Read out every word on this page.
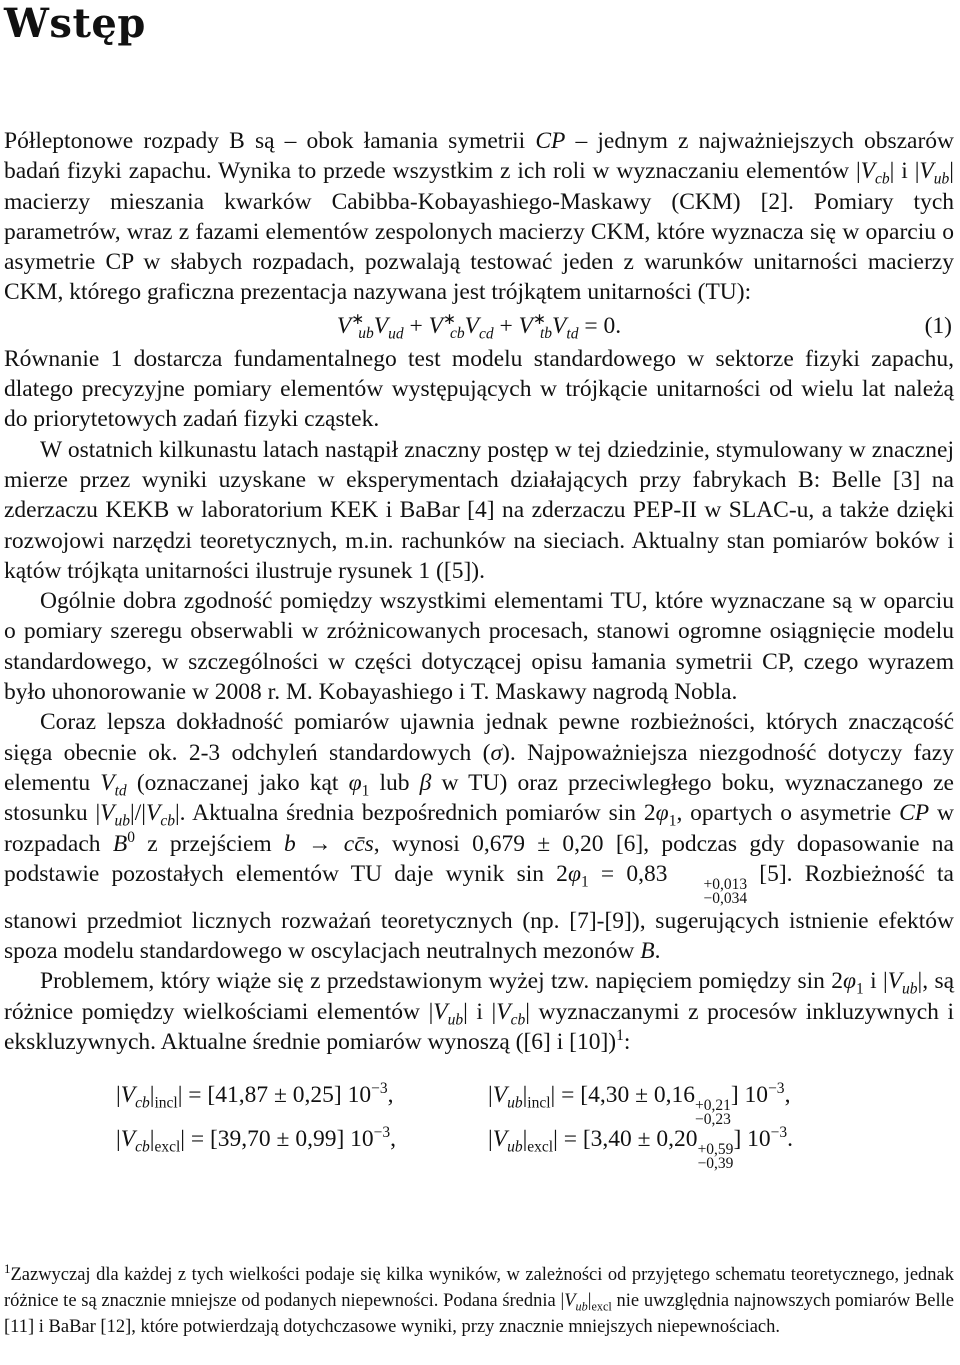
Wstęp

Półleptonowe rozpady B są – obok łamania symetrii CP – jednym z najważniejszych obszarów badań fizyki zapachu. Wynika to przede wszystkim z ich roli w wyznaczaniu elementów $|V_{cb}|$ i $|V_{ub}|$ macierzy mieszania kwarków Cabibba-Kobayashiego-Maskawy (CKM) [2]. Pomiary tych parametrów, wraz z fazami elementów zespolonych macierzy CKM, które wyznacza się w oparciu o asymetrie CP w słabych rozpadach, pozwalają testować jeden z warunków unitarności macierzy CKM, którego graficzna prezentacja nazywana jest trójkątem unitarności (TU):

$V^∗_{ub}V_{ud} + V^∗_{cb}V_{cd} + V^∗_{tb}V_{td} = 0$.	(1)

Równanie 1 dostarcza fundamentalnego test modelu standardowego w sektorze fizyki zapachu, dlatego precyzyjne pomiary elementów występujących w trójkącie unitarności od wielu lat należą do priorytetowych zadań fizyki cząstek.

W ostatnich kilkunastu latach nastąpił znaczny postęp w tej dziedzinie, stymulowany w znacznej mierze przez wyniki uzyskane w eksperymentach działających przy fabrykach B: Belle [3] na zderzaczu KEKB w laboratorium KEK i BaBar [4] na zderzaczu PEP-II w SLAC-u, a także dzięki rozwojowi narzędzi teoretycznych, m.in. rachunków na sieciach. Aktualny stan pomiarów boków i kątów trójkąta unitarności ilustruje rysunek 1 ([5]).

Ogólnie dobra zgodność pomiędzy wszystkimi elementami TU, które wyznaczane są w oparciu o pomiary szeregu obserwabli w zróżnicowanych procesach, stanowi ogromne osiągnięcie modelu standardowego, w szczególności w części dotyczącej opisu łamania symetrii CP, czego wyrazem było uhonorowanie w 2008 r. M. Kobayashiego i T. Maskawy nagrodą Nobla.

Coraz lepsza dokładność pomiarów ujawnia jednak pewne rozbieżności, których znaczącość sięga obecnie ok. 2-3 odchyleń standardowych (σ). Najpoważniejsza niezgodność dotyczy fazy elementu $V_{td}$ (oznaczanej jako kąt $\varphi_1$ lub β w TU) oraz przeciwległego boku, wyznaczanego ze stosunku $|V_{ub}|/|V_{cb}|$. Aktualna średnia bezpośrednich pomiarów $\sin 2\varphi_1$, opartych o asymetrie CP w rozpadach $B^0$ z przejściem b → cc̄s, wynosi 0,679 ± 0,20 [6], podczas gdy dopasowanie na podstawie pozostałych elementów TU daje wynik $\sin 2\varphi_1 = 0,83$	+0,013
−0,034
[5]. Rozbieżność ta stanowi przedmiot licznych rozważań teoretycznych (np. [7]-[9]), sugerujących istnienie efektów spoza modelu standardowego w oscylacjach neutralnych mezonów B.

Problemem, który wiąże się z przedstawionym wyżej tzw. napięciem pomiędzy $\sin 2\varphi_1$ i $|V_{ub}|$, są różnice pomiędzy wielkościami elementów $|V_{ub}|$ i $|V_{cb}|$ wyznaczanymi z procesów inkluzywnych i ekskluzywnych. Aktualne średnie pomiarów wynoszą ([6] i [10])$^1$:

$|V_{cb}|_{incl}| = [41,87 \pm 0,25]$ $10^{-3}$,	$|V_{ub}|_{incl}| = [4,30 \pm 0,16 +0,21$
−0,23
] $10^{-3}$,
$|V_{cb}|_{excl}| = [39,70 \pm 0,99]$ $10^{-3}$,	$|V_{ub}|_{excl}| = [3,40 \pm 0,20 +0,59$
−0,39
] $10^{-3}$.
$^1$Zazwyczaj dla każdej z tych wielkości podaje się kilka wyników, w zależności od przyjętego schematu teoretycznego, jednak różnice te są znacznie mniejsze od podanych niepewności. Podana średnia $|V_{ub}|_{excl}$ nie uwzględnia najnowszych pomiarów Belle [11] i BaBar [12], które potwierdzają dotychczasowe wyniki, przy znacznie mniejszych niepewnościach.
